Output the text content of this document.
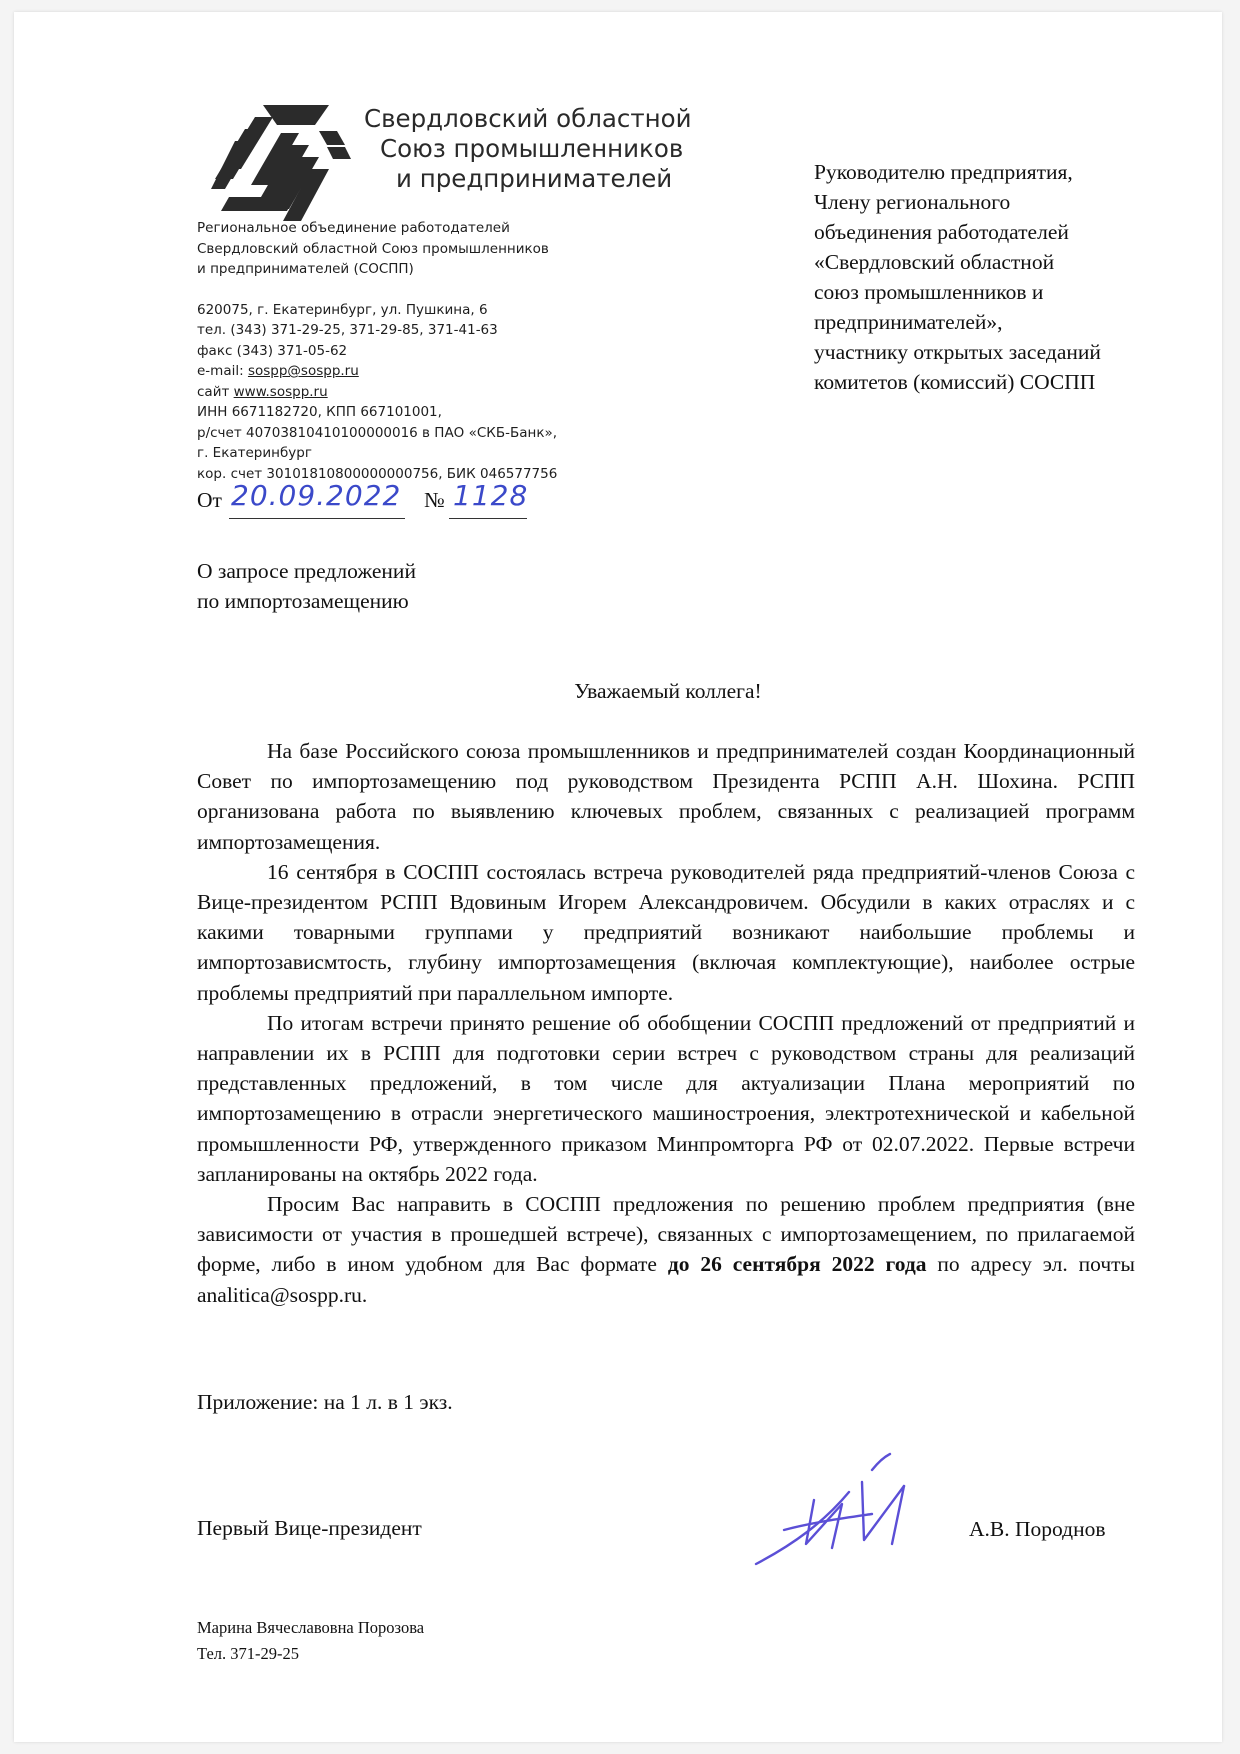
Свердловский областной
Союз промышленников
и предпринимателей
Региональное объединение работодателей
Свердловский областной Союз промышленников
и предпринимателей (СОСПП)
620075, г. Екатеринбург, ул. Пушкина, 6
тел. (343) 371-29-25, 371-29-85, 371-41-63
факс (343) 371-05-62
e-mail: sospp@sospp.ru
сайт www.sospp.ru
ИНН 6671182720, КПП 667101001,
р/счет 40703810410100000016 в ПАО «СКБ-Банк»,
г. Екатеринбург
кор. счет 30101810800000000756, БИК 046577756
Руководителю предприятия,
Члену регионального
объединения работодателей
«Свердловский областной
союз промышленников и
предпринимателей»,
участнику открытых заседаний
комитетов (комиссий) СОСПП
От 20.09.2022 № 1128
О запросе предложений
по импортозамещению
Уважаемый коллега!

На базе Российского союза промышленников и предпринимателей создан Координационный Совет по импортозамещению под руководством Президента РСПП А.Н. Шохина. РСПП организована работа по выявлению ключевых проблем, связанных с реализацией программ импортозамещения.

16 сентября в СОСПП состоялась встреча руководителей ряда предприятий-членов Союза с Вице-президентом РСПП Вдовиным Игорем Александровичем. Обсудили в каких отраслях и с какими товарными группами у предприятий возникают наибольшие проблемы и импортозависмтость, глубину импортозамещения (включая комплектующие), наиболее острые проблемы предприятий при параллельном импорте.

По итогам встречи принято решение об обобщении СОСПП предложений от предприятий и направлении их в РСПП для подготовки серии встреч с руководством страны для реализаций представленных предложений, в том числе для актуализации Плана мероприятий по импортозамещению в отрасли энергетического машиностроения, электротехнической и кабельной промышленности РФ, утвержденного приказом Минпромторга РФ от 02.07.2022. Первые встречи запланированы на октябрь 2022 года.

Просим Вас направить в СОСПП предложения по решению проблем предприятия (вне зависимости от участия в прошедшей встрече), связанных с импортозамещением, по прилагаемой форме, либо в ином удобном для Вас формате до 26 сентября 2022 года по адресу эл. почты analitica@sospp.ru.

Приложение: на 1 л. в 1 экз.
Первый Вице-президент	А.В. Породнов
Марина Вячеславовна Порозова
Тел. 371-29-25
